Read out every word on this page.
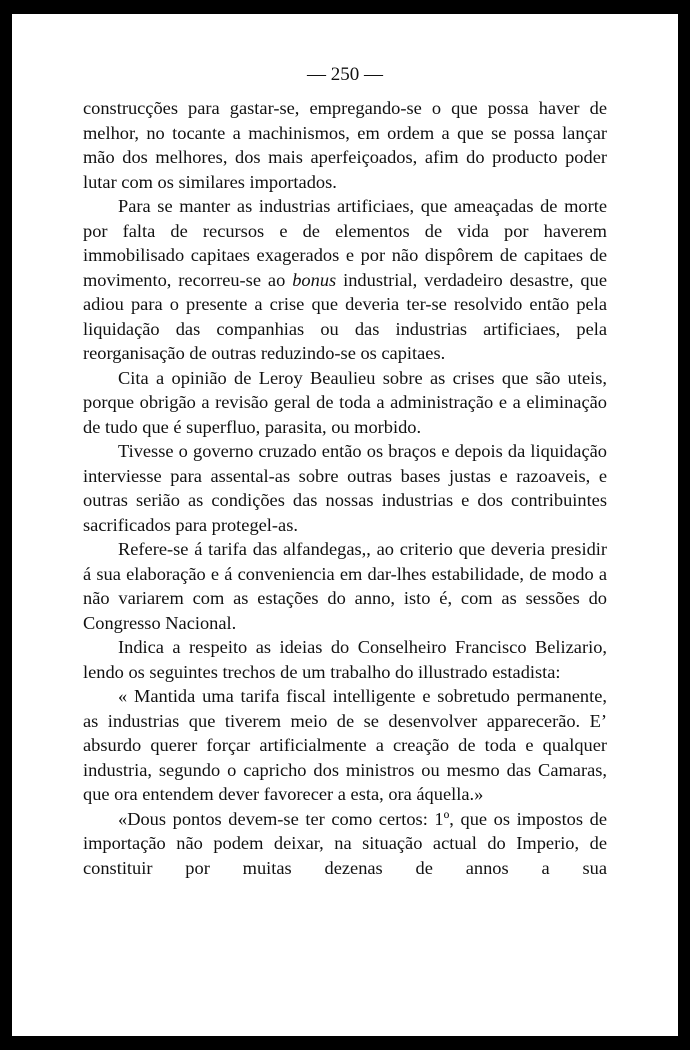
— 250 —

construcções para gastar-se, empregando-se o que possa haver de melhor, no tocante a machinismos, em ordem a que se possa lançar mão dos melhores, dos mais aperfeiçoados, afim do producto poder lutar com os similares importados.

Para se manter as industrias artificiaes, que ameaçadas de morte por falta de recursos e de elementos de vida por haverem immobilisado capitaes exagerados e por não dispôrem de capitaes de movimento, recorreu-se ao bonus industrial, verdadeiro desastre, que adiou para o presente a crise que deveria ter-se resolvido então pela liquidação das companhias ou das industrias artificiaes, pela reorganisação de outras reduzindo-se os capitaes.

Cita a opinião de Leroy Beaulieu sobre as crises que são uteis, porque obrigão a revisão geral de toda a administração e a eliminação de tudo que é superfluo, parasita, ou morbido.

Tivesse o governo cruzado então os braços e depois da liquidação interviesse para assental-as sobre outras bases justas e razoaveis, e outras serião as condições das nossas industrias e dos contribuintes sacrificados para protegel-as.

Refere-se á tarifa das alfandegas,, ao criterio que deveria presidir á sua elaboração e á conveniencia em dar-lhes estabilidade, de modo a não variarem com as estações do anno, isto é, com as sessões do Congresso Nacional.

Indica a respeito as ideias do Conselheiro Francisco Belizario, lendo os seguintes trechos de um trabalho do illustrado estadista:

« Mantida uma tarifa fiscal intelligente e sobretudo permanente, as industrias que tiverem meio de se desenvolver apparecerão. E’ absurdo querer forçar artificialmente a creação de toda e qualquer industria, segundo o capricho dos ministros ou mesmo das Camaras, que ora entendem dever favorecer a esta, ora áquella.»

«Dous pontos devem-se ter como certos: 1º, que os impostos de importação não podem deixar, na situação actual do Imperio, de constituir por muitas dezenas de annos a sua
